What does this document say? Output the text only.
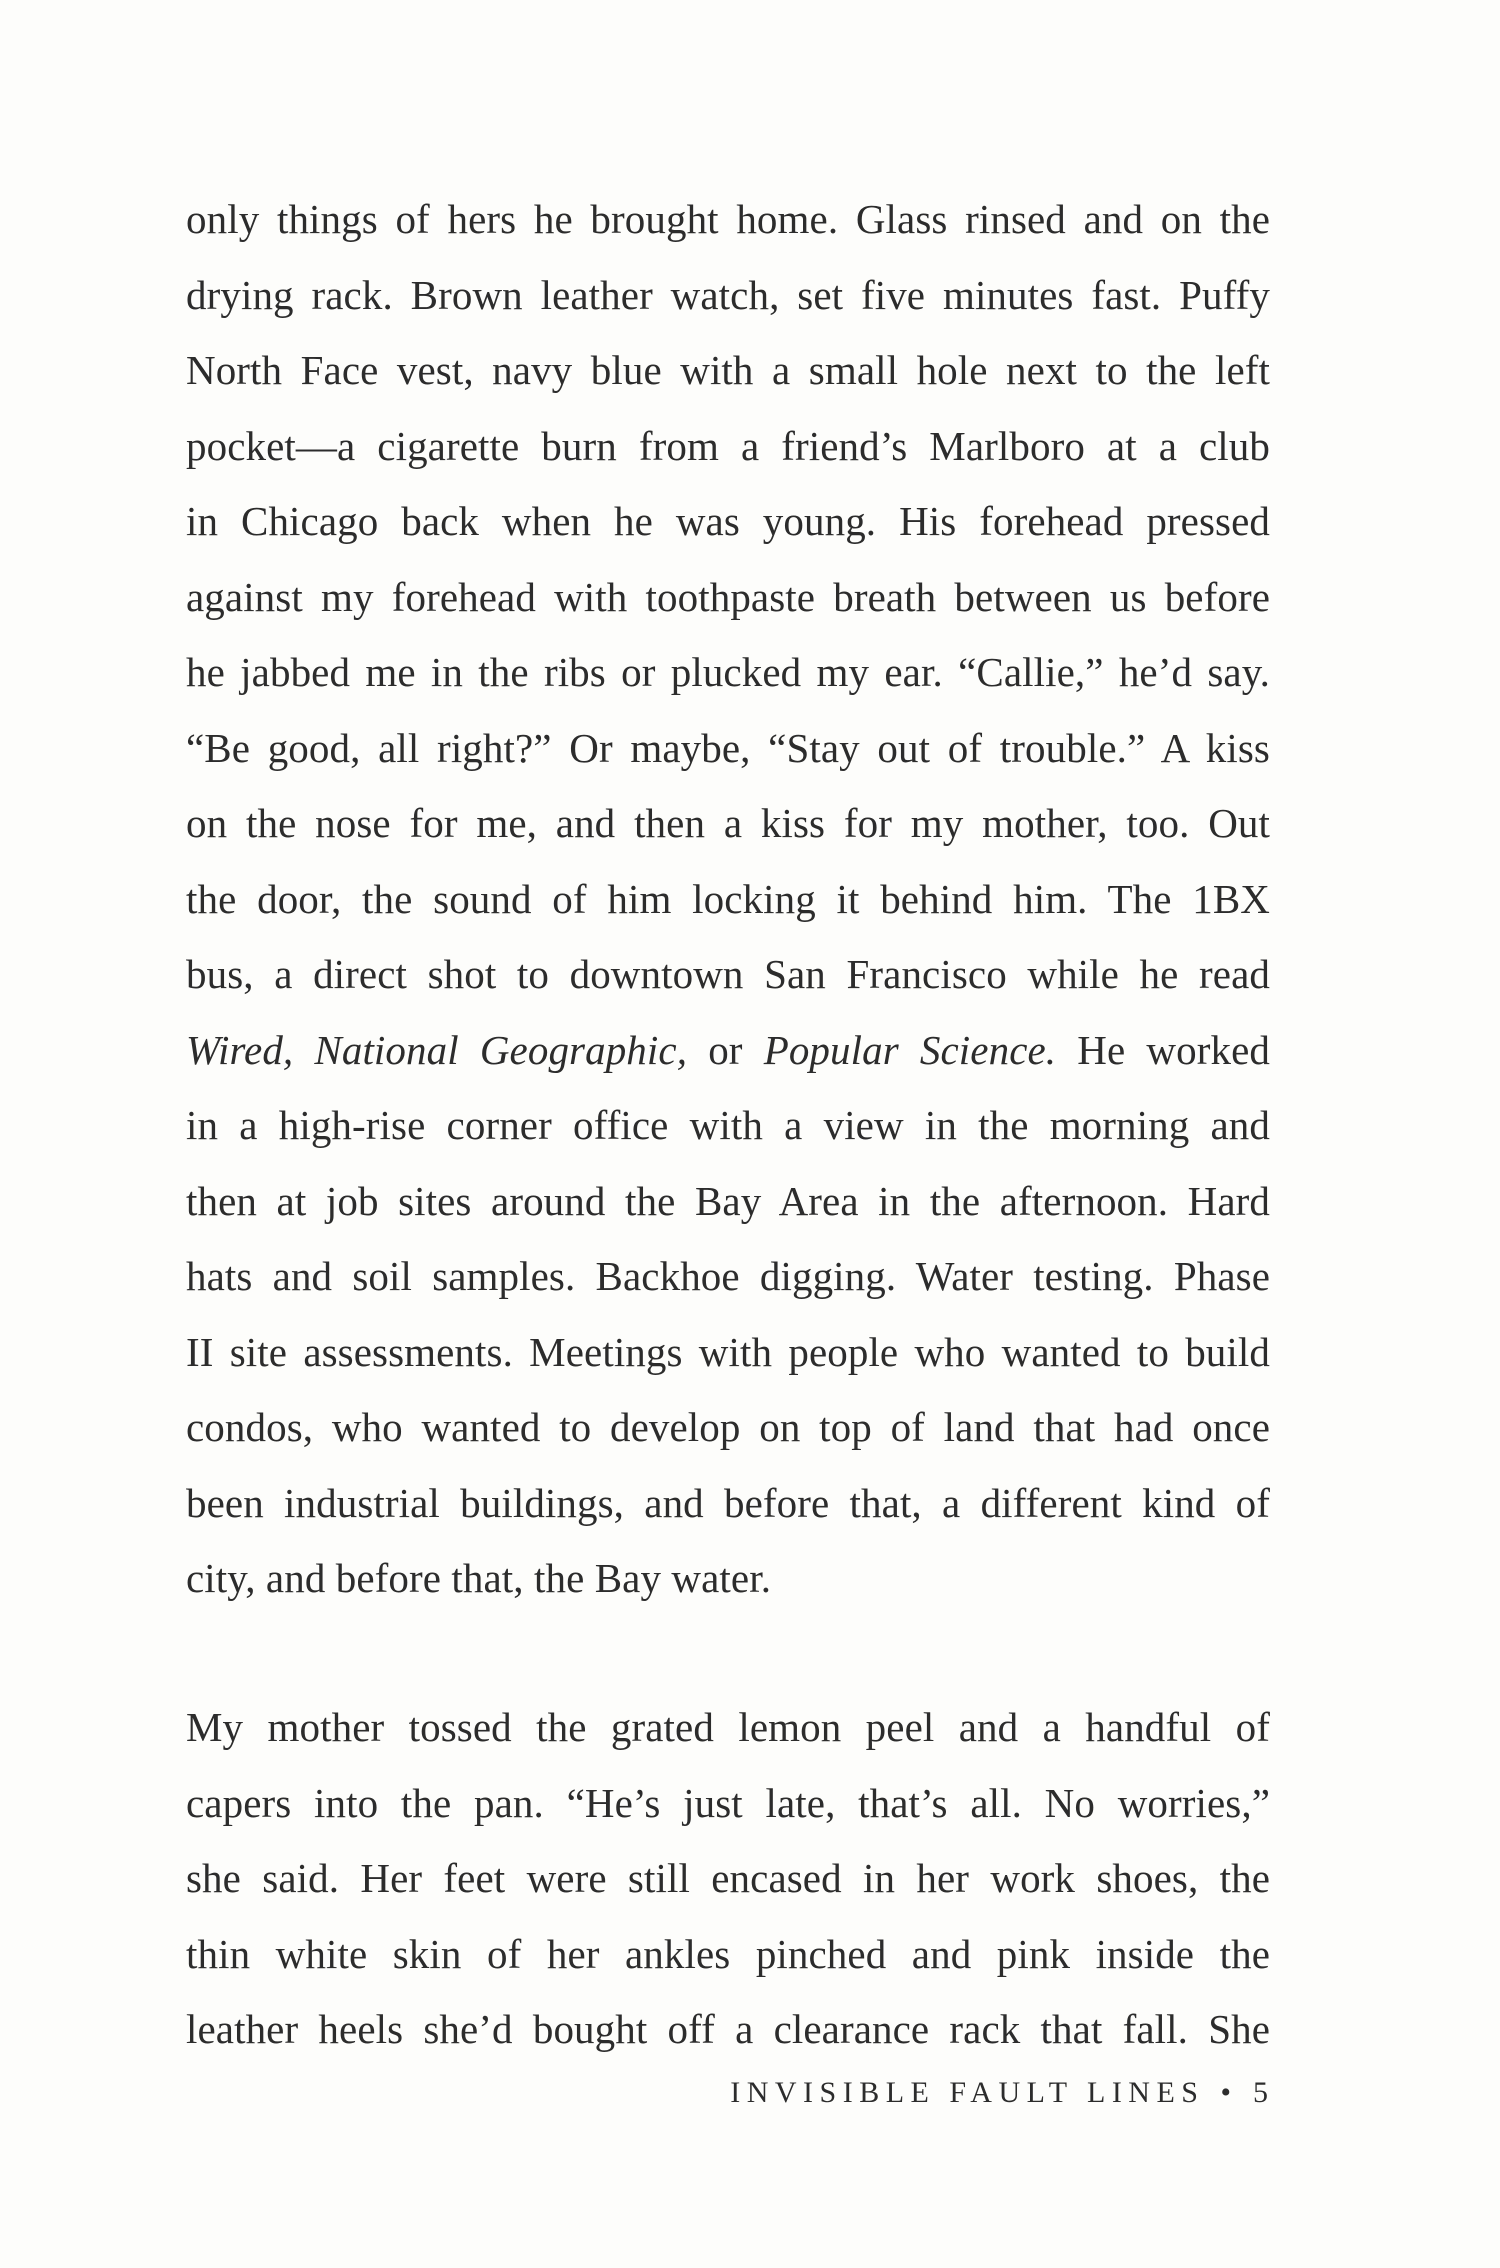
only things of hers he brought home. Glass rinsed and on the
drying rack. Brown leather watch, set five minutes fast. Puffy
North Face vest, navy blue with a small hole next to the left
pocket—a cigarette burn from a friend’s Marlboro at a club
in Chicago back when he was young. His forehead pressed
against my forehead with toothpaste breath between us before
he jabbed me in the ribs or plucked my ear. “Callie,” he’d say.
“Be good, all right?” Or maybe, “Stay out of trouble.” A kiss
on the nose for me, and then a kiss for my mother, too. Out
the door, the sound of him locking it behind him. The 1BX
bus, a direct shot to downtown San Francisco while he read
Wired, National Geographic, or Popular Science. He worked
in a high-rise corner office with a view in the morning and
then at job sites around the Bay Area in the afternoon. Hard
hats and soil samples. Backhoe digging. Water testing. Phase
II site assessments. Meetings with people who wanted to build
condos, who wanted to develop on top of land that had once
been industrial buildings, and before that, a different kind of
city, and before that, the Bay water.
My mother tossed the grated lemon peel and a handful of
capers into the pan. “He’s just late, that’s all. No worries,”
she said. Her feet were still encased in her work shoes, the
thin white skin of her ankles pinched and pink inside the
leather heels she’d bought off a clearance rack that fall. She
INVISIBLE FAULT LINES • 5
